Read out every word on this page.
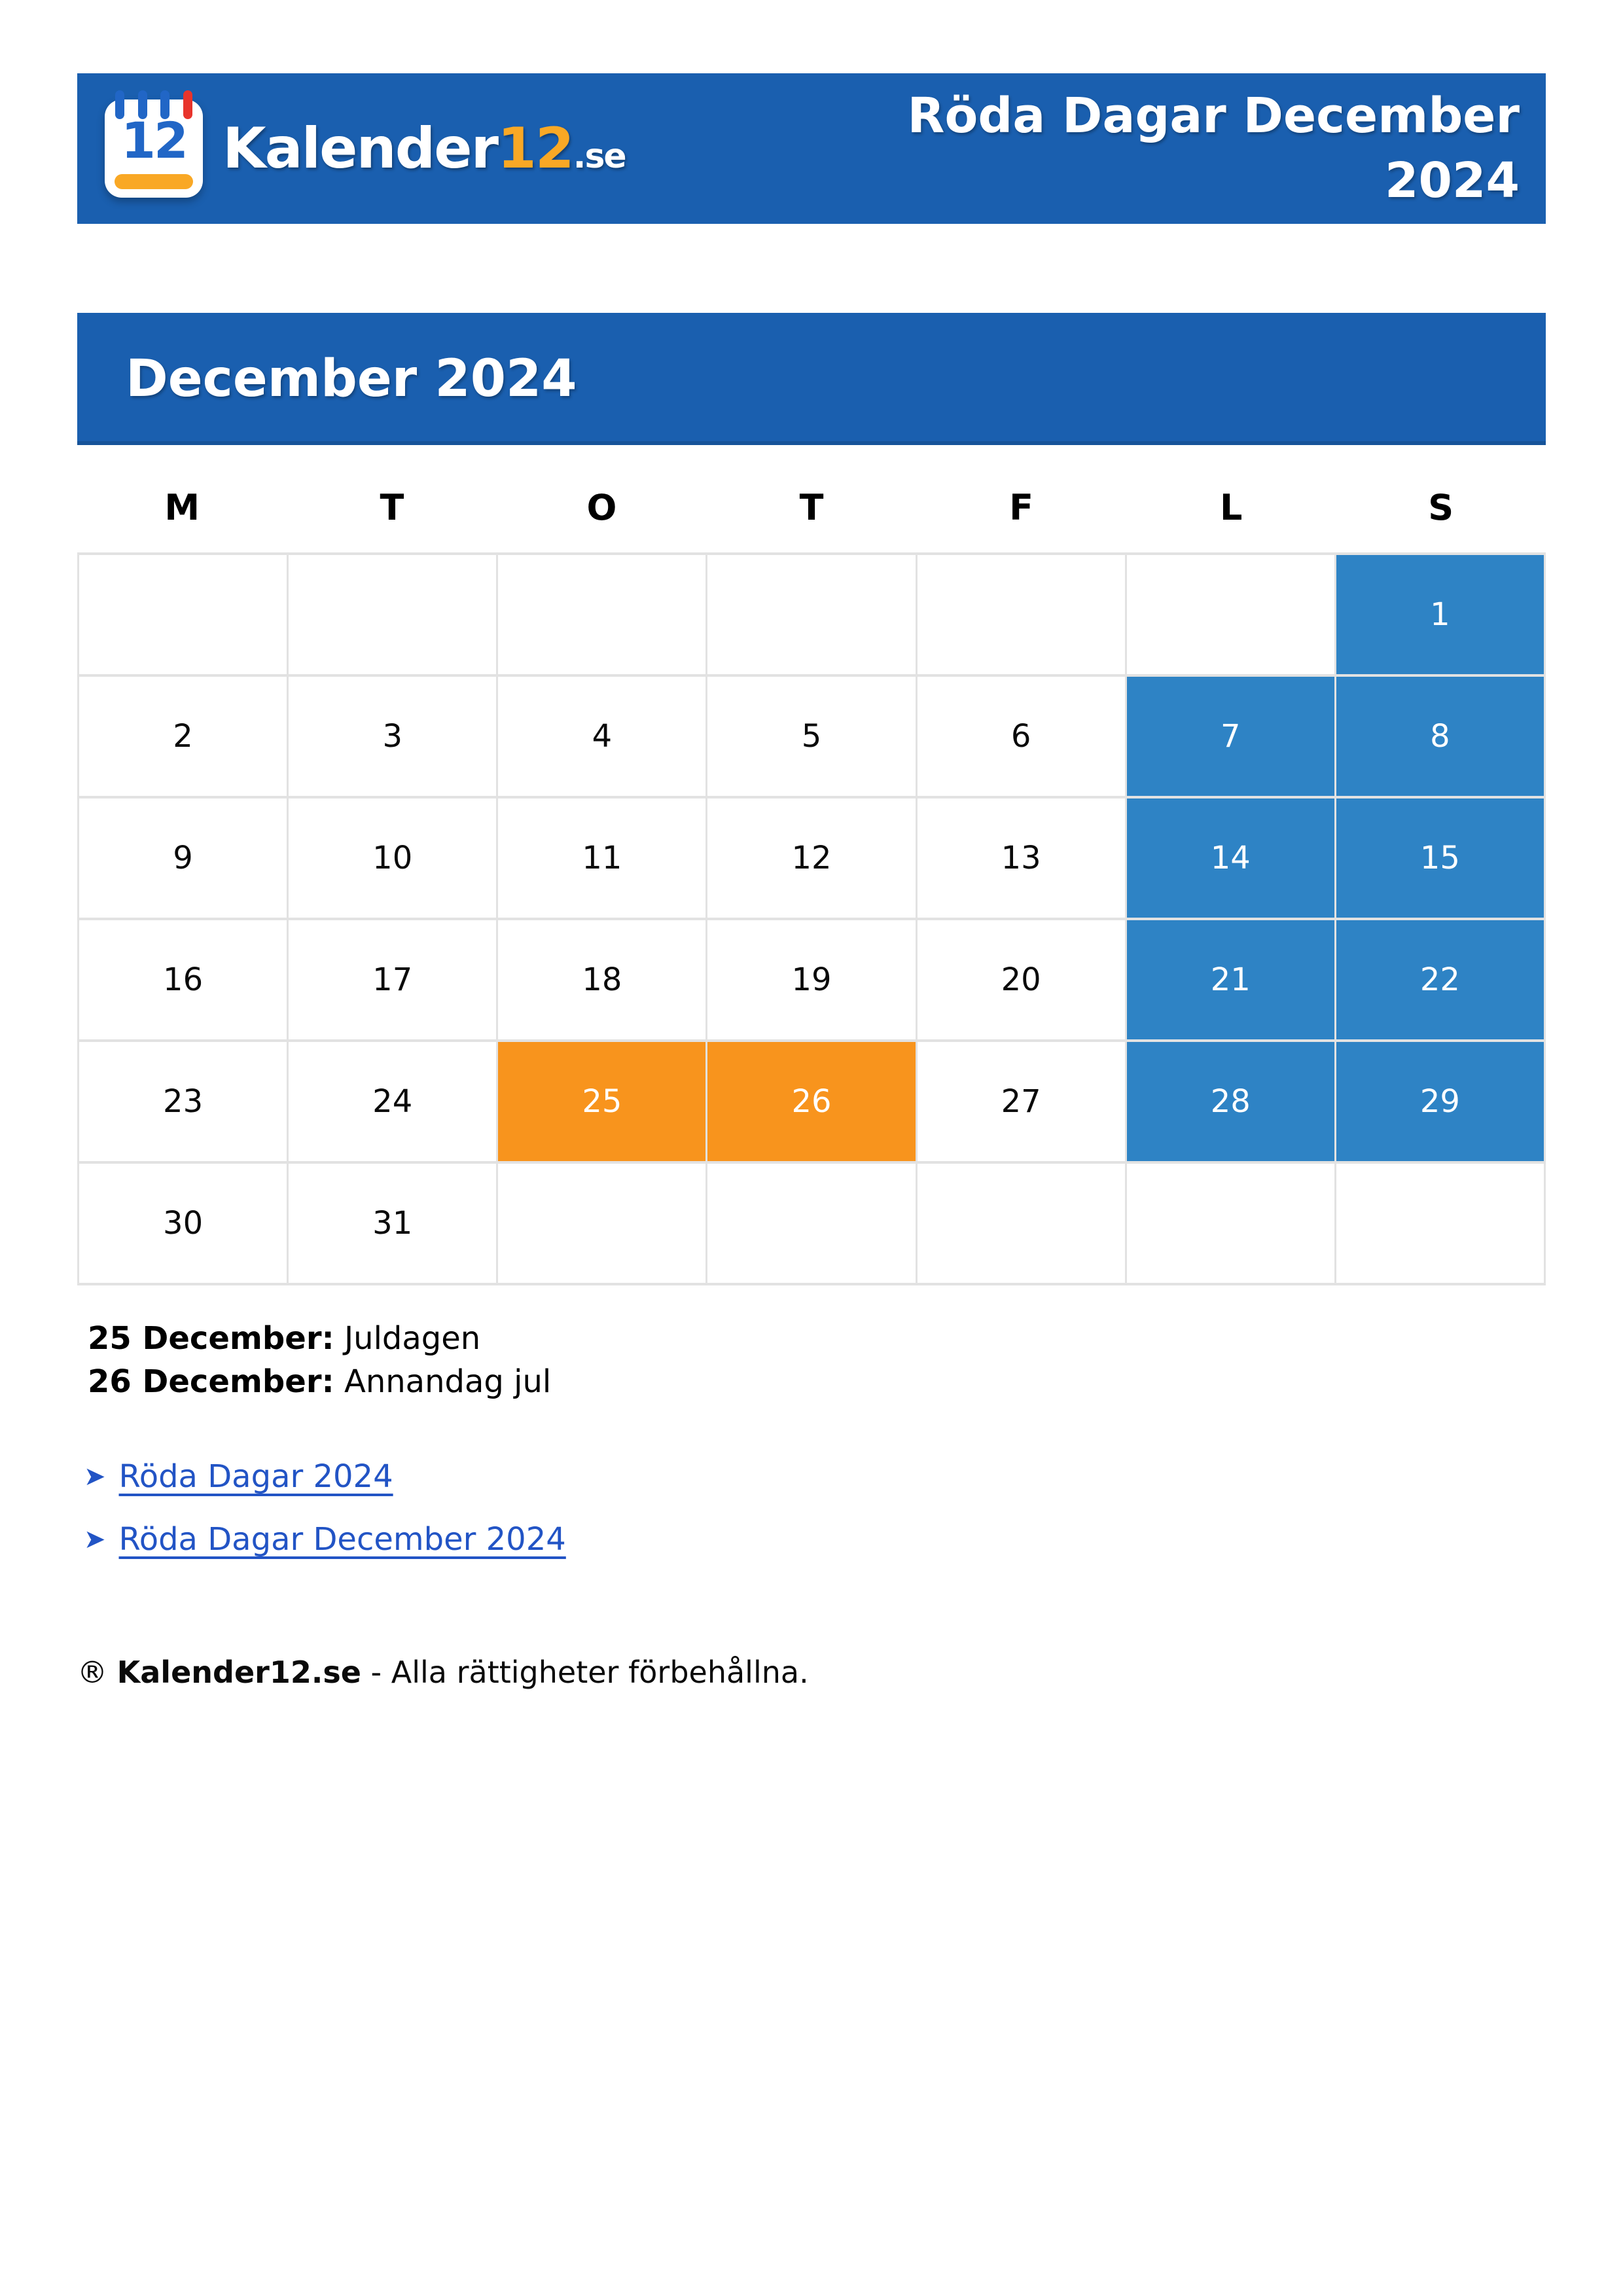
12 Kalender 12 .se
Röda Dagar December 2024
December 2024
M	T	O	T	F	L	S
						1
2	3	4	5	6	7	8
9	10	11	12	13	14	15
16	17	18	19	20	21	22
23	24	25	26	27	28	29
30	31					
25 December: Juldagen
26 December: Annandag jul
➤ Röda Dagar 2024
➤ Röda Dagar December 2024
® Kalender12.se - Alla rättigheter förbehållna.
